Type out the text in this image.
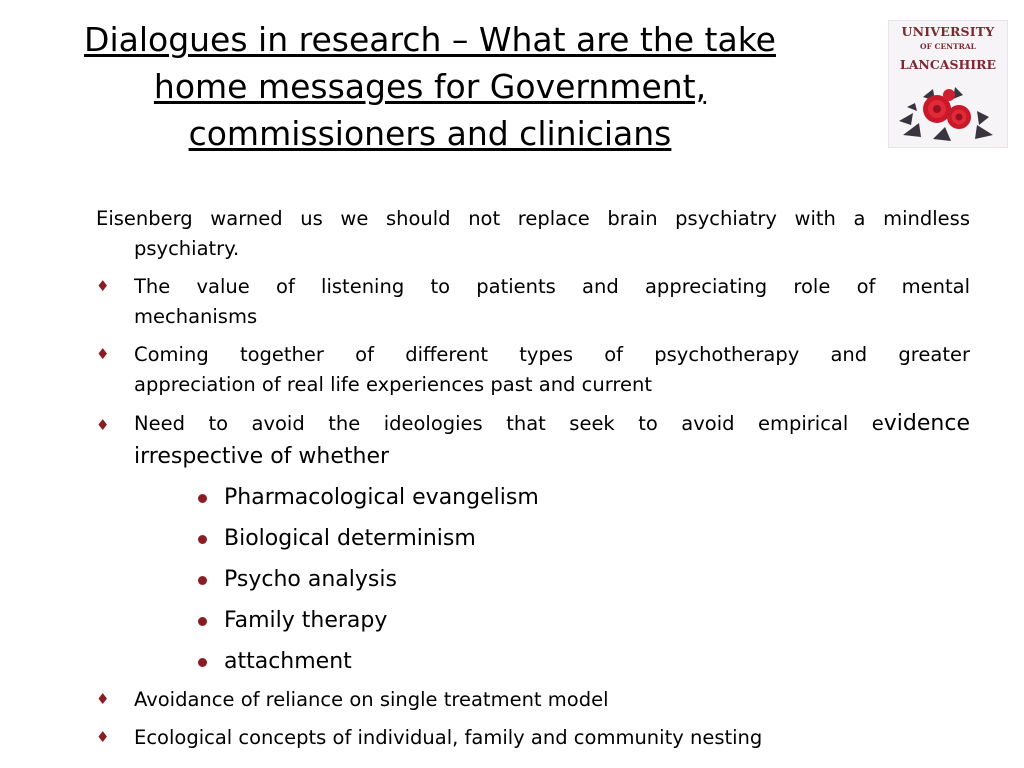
Dialogues in research – What are the take
home messages for Government,
commissioners and clinicians
UNIVERSITY
OF CENTRAL
LANCASHIRE
Eisenberg warned us we should not replace brain psychiatry with a mindless
psychiatry.
♦ The value of listening to patients and appreciating role of mental
mechanisms
♦ Coming together of different types of psychotherapy and greater
appreciation of real life experiences past and current
♦ Need to avoid the ideologies that seek to avoid empirical evidence
irrespective of whether
Pharmacological evangelism
Biological determinism
Psycho analysis
Family therapy
attachment
♦ Avoidance of reliance on single treatment model
♦ Ecological concepts of individual, family and community nesting
